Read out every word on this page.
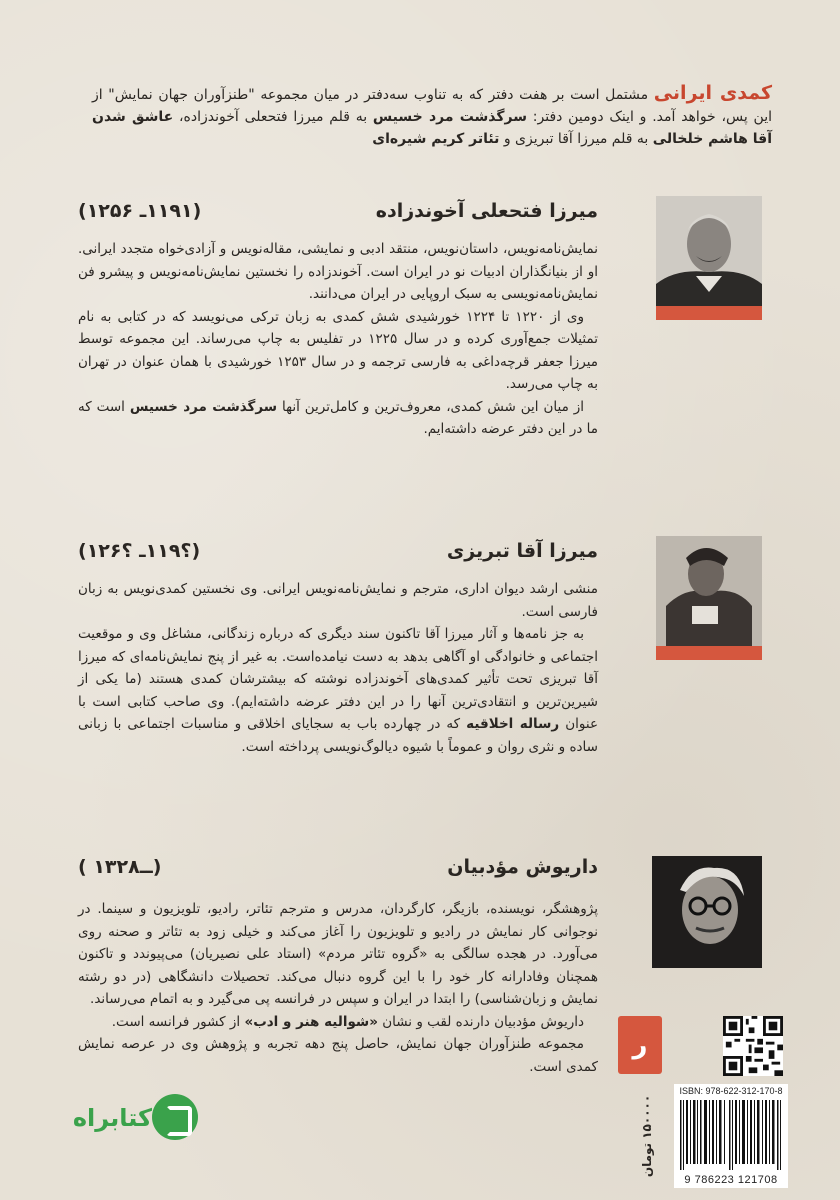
کمدی ایرانی مشتمل است بر هفت دفتر که به تناوب سه‌دفتر در میان مجموعه "طنزآوران جهان نمایش" از این پس، خواهد آمد. و اینک دومین دفتر: سرگذشت مرد خسیس به قلم میرزا فتحعلی آخوندزاده، عاشق شدن آقا هاشم خلخالی به قلم میرزا آقا تبریزی و تئاتر کریم شیره‌ای
میرزا فتحعلی آخوندزاده
(۱۱۹۱ـ ۱۲۵۶)

نمایش‌نامه‌نویس، داستان‌نویس، منتقد ادبی و نمایشی، مقاله‌نویس و آزادی‌خواه متجدد ایرانی. او از بنیانگذاران ادبیات نو در ایران است. آخوندزاده را نخستین نمایش‌نامه‌نویس و پیشرو فن نمایش‌نامه‌نویسی به سبک اروپایی در ایران می‌دانند.

وی از ۱۲۲۰ تا ۱۲۲۴ خورشیدی شش کمدی به زبان ترکی می‌نویسد که در کتابی به نام تمثیلات جمع‌آوری کرده و در سال ۱۲۲۵ در تفلیس به چاپ می‌رساند. این مجموعه توسط میرزا جعفر قرچه‌داغی به فارسی ترجمه و در سال ۱۲۵۳ خورشیدی با همان عنوان در تهران به چاپ می‌رسد.

از میان این شش کمدی، معروف‌ترین و کامل‌ترین آنها سرگذشت مرد خسیس است که ما در این دفتر عرضه داشته‌ایم.

میرزا آقا تبریزی
(؟۱۱۹ـ ؟۱۲۶)

منشی ارشد دیوان اداری، مترجم و نمایش‌نامه‌نویس ایرانی. وی نخستین کمدی‌نویس به زبان فارسی است.

به جز نامه‌ها و آثار میرزا آقا تاکنون سند دیگری که درباره زندگانی، مشاغل وی و موقعیت اجتماعی و خانوادگی او آگاهی بدهد به دست نیامده‌است. به غیر از پنج نمایش‌نامه‌ای که میرزا آقا تبریزی تحت تأثیر کمدی‌های آخوندزاده نوشته که بیشترشان کمدی هستند (ما یکی از شیرین‌ترین و انتقادی‌ترین آنها را در این دفتر عرضه داشته‌ایم). وی صاحب کتابی است با عنوان رساله اخلاقیه که در چهارده باب به سجایای اخلاقی و مناسبات اجتماعی با زبانی ساده و نثری روان و عموماً با شیوه دیالوگ‌نویسی پرداخته است.

داریوش مؤدبیان
(ــ۱۳۲۸ )

پژوهشگر، نویسنده، بازیگر، کارگردان، مدرس و مترجم تئاتر، رادیو، تلویزیون و سینما. در نوجوانی کار نمایش در رادیو و تلویزیون را آغاز می‌کند و خیلی زود به تئاتر و صحنه روی می‌آورد. در هجده سالگی به «گروه تئاتر مردم» (استاد علی نصیریان) می‌پیوندد و تاکنون همچنان وفادارانه کار خود را با این گروه دنبال می‌کند. تحصیلات دانشگاهی (در دو رشته نمایش و زبان‌شناسی) را ابتدا در ایران و سپس در فرانسه پی می‌گیرد و به اتمام می‌رساند.

داریوش مؤدبیان دارنده لقب و نشان «شوالیه هنر و ادب» از کشور فرانسه است.

مجموعه طنزآوران جهان نمایش، حاصل پنج دهه تجربه و پژوهش وی در عرصه نمایش کمدی است.

ر
۱۵۰۰۰۰ تومان
ISBN: 978-622-312-170-8
9 786223 121708
کتابراه
